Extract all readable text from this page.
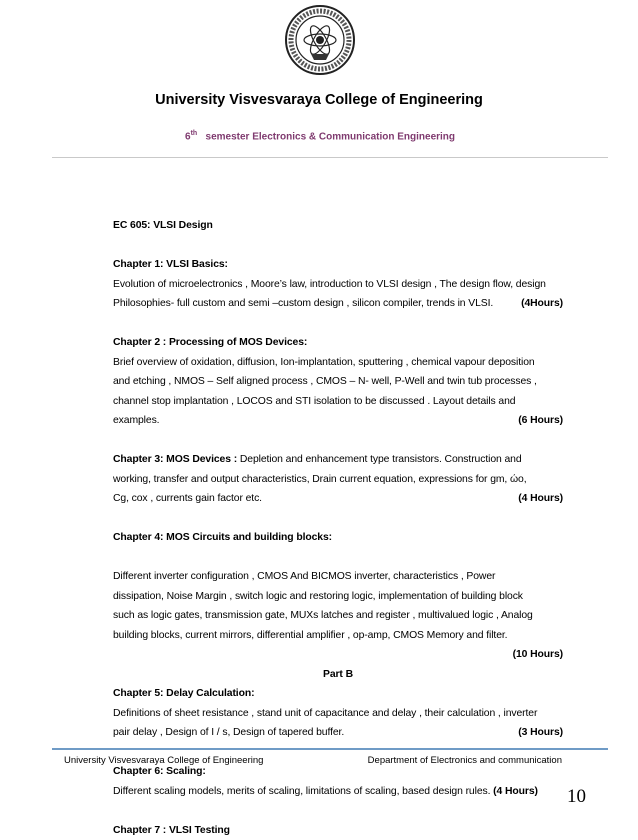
University Visvesvaraya College of Engineering
6th semester Electronics & Communication Engineering
EC 605: VLSI Design
Chapter 1: VLSI Basics:
Evolution of microelectronics , Moore’s law, introduction to VLSI design , The design flow, design
Philosophies- full custom and semi –custom design , silicon compiler, trends in VLSI.	(4Hours)
Chapter 2 : Processing of MOS Devices:
Brief overview of oxidation, diffusion, Ion-implantation, sputtering , chemical vapour deposition
and etching , NMOS – Self aligned process , CMOS – N- well, P-Well and twin tub processes ,
channel stop implantation , LOCOS and STI isolation to be discussed . Layout details and
examples.	(6 Hours)
Chapter 3: MOS Devices : Depletion and enhancement type transistors. Construction and
working, transfer and output characteristics, Drain current equation, expressions for gm, ώo,
Cg, cox , currents gain factor etc.	(4 Hours)
Chapter 4: MOS Circuits and building blocks:
Different inverter configuration , CMOS And BICMOS inverter, characteristics , Power
dissipation, Noise Margin , switch logic and restoring logic, implementation of building block
such as logic gates, transmission gate, MUXs latches and register , multivalued logic , Analog
building blocks, current mirrors, differential amplifier , op-amp, CMOS Memory and filter.
(10 Hours)
Part B
Chapter 5: Delay Calculation:
Definitions of sheet resistance , stand unit of capacitance and delay , their calculation , inverter
pair delay , Design of I / s, Design of tapered buffer.	(3 Hours)
Chapter 6: Scaling:
Different scaling models, merits of scaling, limitations of scaling, based design rules. (4 Hours)
Chapter 7 : VLSI Testing
University Visvesvaraya College of Engineering	Department of Electronics and communication
10
